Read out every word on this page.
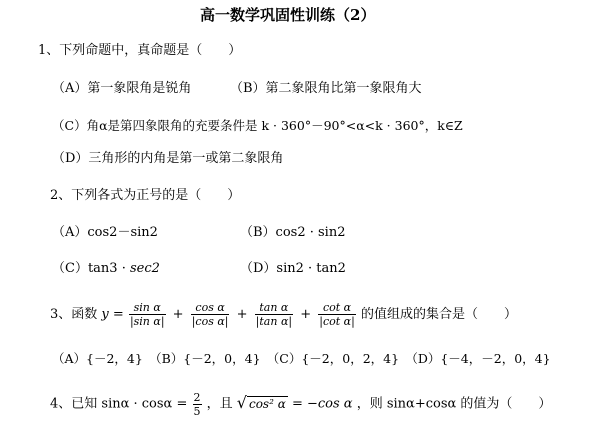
高一数学巩固性训练（2）
1、下列命题中，真命题是（　　）
（A）第一象限角是锐角	（B）第二象限角比第一象限角大
（C）角α是第四象限角的充要条件是 k · 360°－90°<α<k · 360°，k∈Z
（D）三角形的内角是第一或第二象限角
2、下列各式为正号的是（　　）
（A）cos2－sin2	（B）cos2 · sin2
（C）tan3 · sec2	（D）sin2 · tan2
3、函数 $y = \frac{\text{sin α}}{\text{|sin α|}} + \frac{\text{cos α}}{\text{|cos α|}} + \frac{\text{tan α}}{\text{|tan α|}} + \frac{\text{cot α}}{\text{|cot α|}}$ 的值组成的集合是（　　）
（A）{－2，4}　（B）{－2，0，4}　（C）{－2，0，2，4}　（D）{－4，－2，0，4}
4、已知 $\sin\alpha \cdot \cos\alpha = \frac{2}{5}$ ，且 √ cos² α = −cos α ，则 sinα+cosα 的值为（　　）
